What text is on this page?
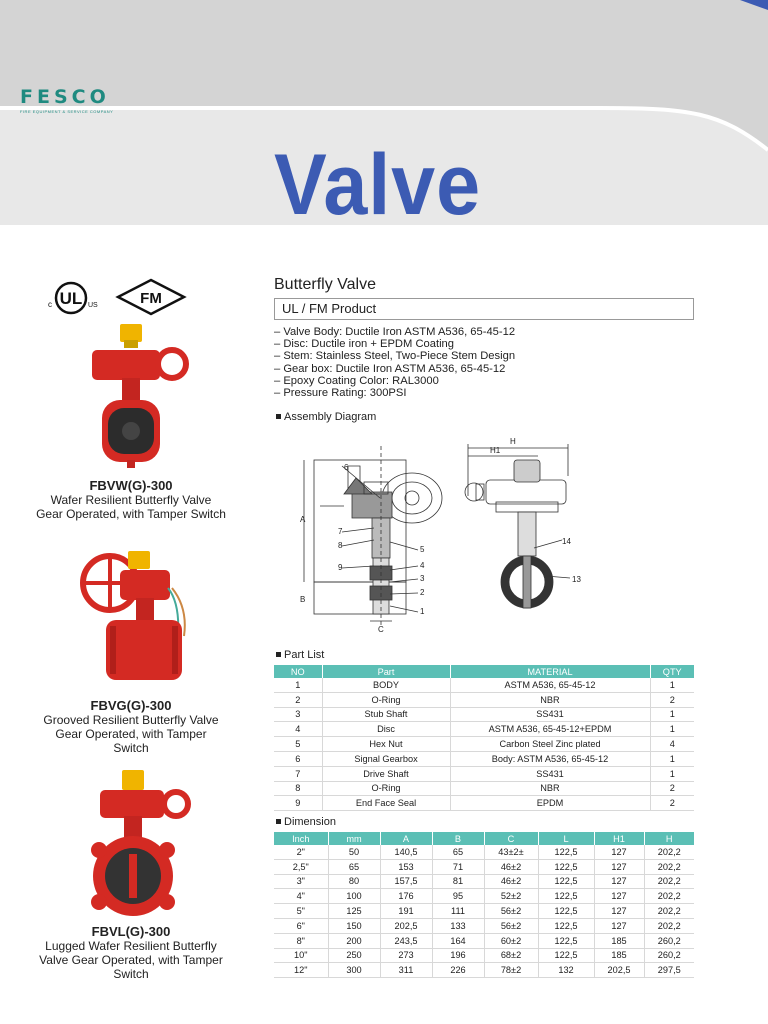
FESCO
FIRE EQUIPMENT & SERVICE COMPANY
Valve
UL
c	US	FM
FBVW(G)-300
Wafer Resilient Butterfly Valve
Gear Operated, with Tamper Switch
FBVG(G)-300
Grooved Resilient Butterfly Valve
Gear Operated, with Tamper
Switch
FBVL(G)-300
Lugged Wafer Resilient Butterfly
Valve Gear Operated, with Tamper
Switch
Butterfly Valve
UL / FM Product
– Valve Body: Ductile Iron ASTM A536, 65-45-12
– Disc: Ductile iron + EPDM Coating
– Stem: Stainless Steel, Two-Piece Stem Design
– Gear box: Ductile Iron ASTM A536, 65-45-12
– Epoxy Coating Color: RAL3000
– Pressure Rating: 300PSI
Assembly Diagram
6
7
8
9
5
4
3
2
1
14
13
H
H1
C
A
B
Part List
NO	Part	MATERIAL	QTY
1	BODY	ASTM A536, 65-45-12	1
2	O-Ring	NBR	2
3	Stub Shaft	SS431	1
4	Disc	ASTM A536, 65-45-12+EPDM	1
5	Hex Nut	Carbon Steel Zinc plated	4
6	Signal Gearbox	Body: ASTM A536, 65-45-12	1
7	Drive Shaft	SS431	1
8	O-Ring	NBR	2
9	End Face Seal	EPDM	2
Dimension
Inch	mm	A	B	C	L	H1	H
2"	50	140,5	65	43±2±	122,5	127	202,2
2,5"	65	153	71	46±2	122,5	127	202,2
3"	80	157,5	81	46±2	122,5	127	202,2
4"	100	176	95	52±2	122,5	127	202,2
5"	125	191	111	56±2	122,5	127	202,2
6"	150	202,5	133	56±2	122,5	127	202,2
8"	200	243,5	164	60±2	122,5	185	260,2
10"	250	273	196	68±2	122,5	185	260,2
12"	300	311	226	78±2	132	202,5	297,5
